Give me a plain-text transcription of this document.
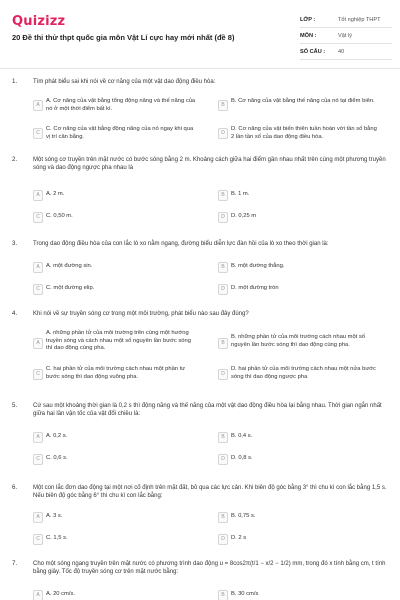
Quizizz
20 Đề thi thử thpt quốc gia môn Vật Lí cực hay mới nhất (đề 8)
LỚP :	Tốt nghiệp THPT
MÔN :	Vật lý
SỐ CÂU :	40
1.	Tìm phát biểu sai khi nói về cơ năng của một vật dao động điều hòa:
A
A. Cơ năng của vật bằng tổng động năng và thế năng của nó ở một thời điểm bất kì.
B
B. Cơ năng của vật bằng thế năng của nó tại điểm biên.
C
C. Cơ năng của vật bằng động năng của nó ngay khi qua vị trí cân bằng.
D
D. Cơ năng của vật biến thiên tuần hoàn với tần số bằng 2 lần tần số của dao động điều hòa.
2.	Một sóng cơ truyền trên mặt nước có bước sóng bằng 2 m. Khoảng cách giữa hai điểm gần nhau nhất trên cùng một phương truyền sóng và dao động ngược pha nhau là
A	A. 2 m.	B	B. 1 m.
C	C. 0,50 m.	D	D. 0,25 m
3.	Trong dao động điều hòa của con lắc lò xo nằm ngang, đường biểu diễn lực đàn hồi của lò xo theo thời gian là:
A	A. một đường sin.	B	B. một đường thẳng.
C	C. một đường elip.	D	D. một đường tròn
4.	Khi nói về sự truyền sóng cơ trong một môi trường, phát biểu nào sau đây đúng?
A
A. những phần tử của môi trường trên cùng một hướng truyền sóng và cách nhau một số nguyên lần bước sóng thì dao động cùng pha.
B
B. những phần tử của môi trường cách nhau một số nguyên lần bước sóng thì dao động cùng pha.
C
C. hai phần tử của môi trường cách nhau một phần tư bước sóng thì dao động vuông pha.	D
D. hai phần tử của môi trường cách nhau một nửa bước sóng thì dao động ngược pha
5.	Cứ sau một khoảng thời gian là 0,2 s thì động năng và thế năng của một vật dao động điều hòa lại bằng nhau. Thời gian ngắn nhất giữa hai lần vận tốc của vật đổi chiều là:
A	A. 0,2 s.	B	B. 0,4 s.
C	C. 0,6 s.	D	D. 0,8 s.
6.	Một con lắc đơn dao động tại một nơi cố định trên mặt đất, bỏ qua các lực cản. Khi biên độ góc bằng 3° thì chu kì con lắc bằng 1,5 s. Nếu biên độ góc bằng 6° thì chu kì con lắc bằng:
A	A. 3 s.	B	B. 0,75 s.
C	C. 1,5 s.	D	D. 2 s
7.	Cho một sóng ngang truyền trên mặt nước có phương trình dao động u = 8cos2π(t/1 − x/2 − 1/2) mm, trong đó x tính bằng cm, t tính bằng giây. Tốc độ truyền sóng cơ trên mặt nước bằng:
A	A. 20 cm/s.	B	B. 30 cm/s
